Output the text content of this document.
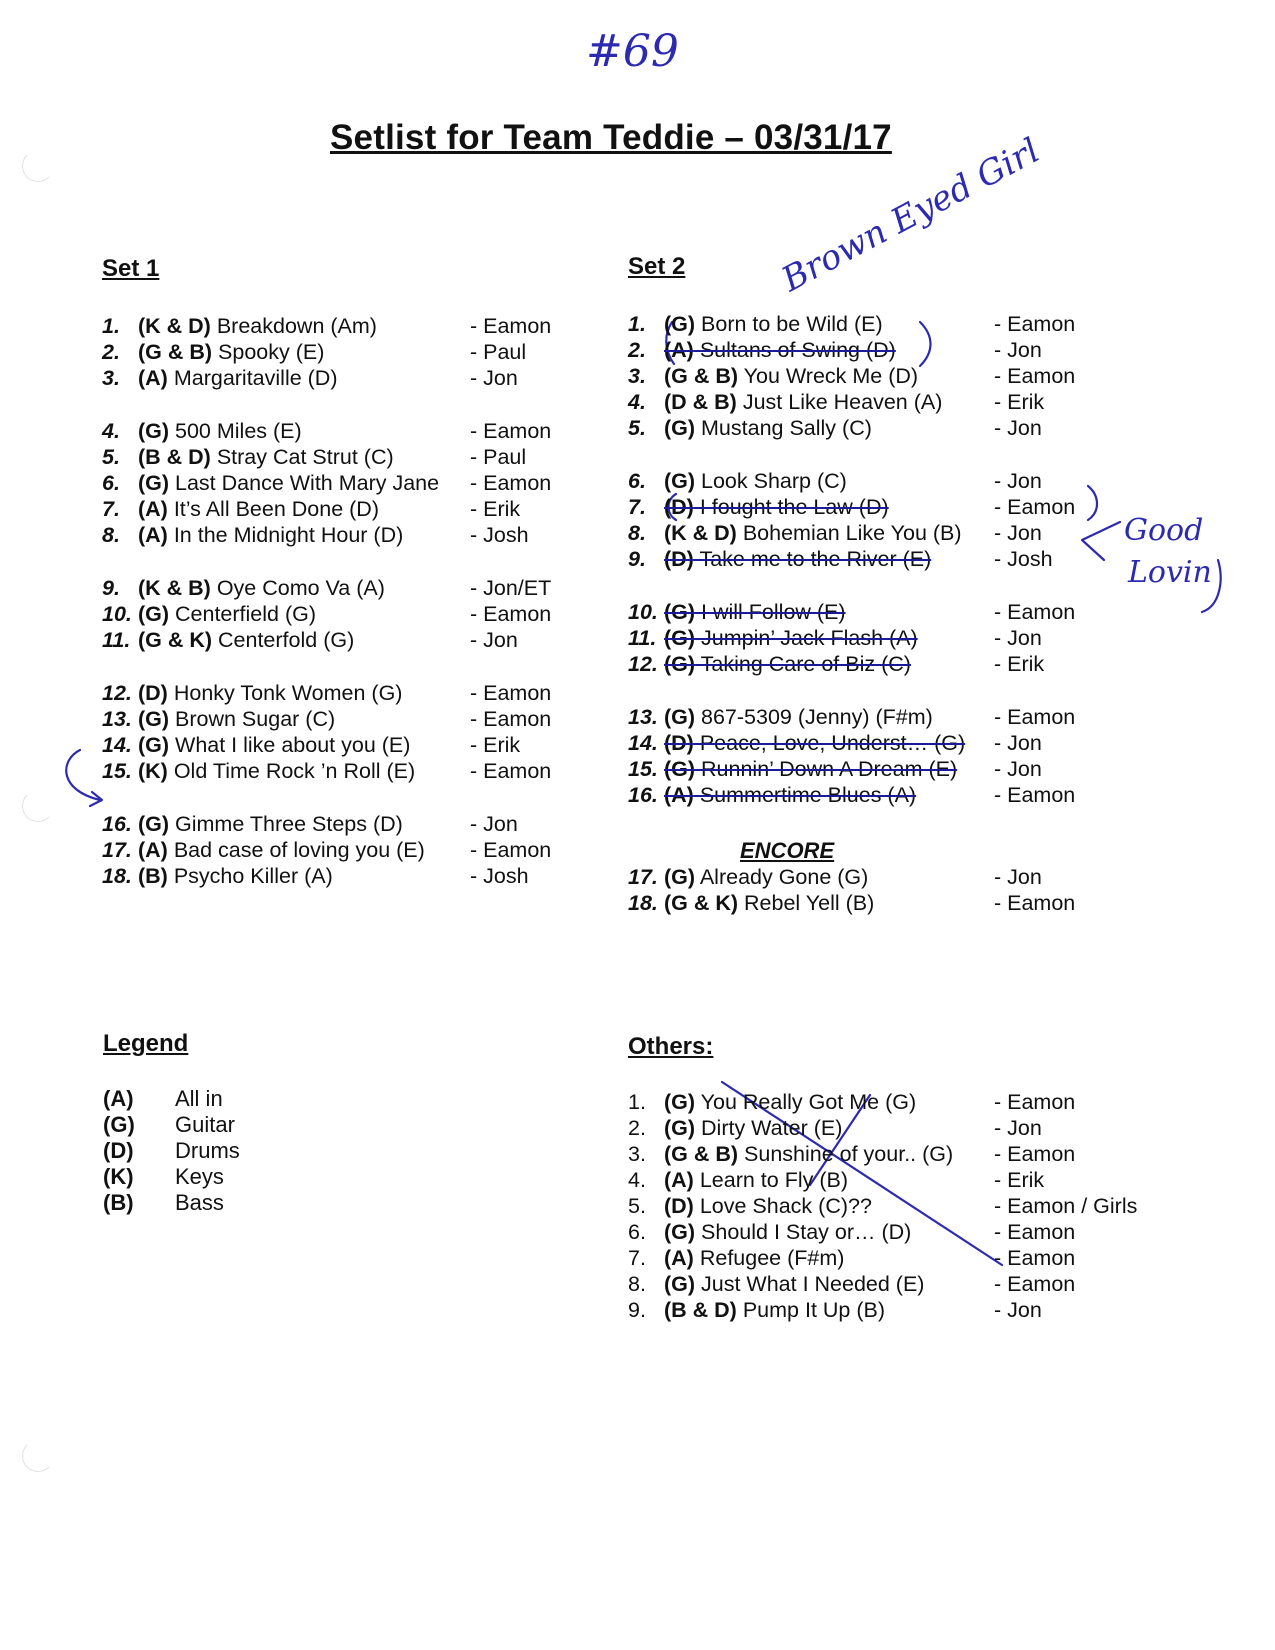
#69
Brown Eyed Girl
Good
Lovin
Setlist for Team Teddie – 03/31/17
Set 1
1. (K & D) Breakdown (Am)	- Eamon
2. (G & B) Spooky (E)	- Paul
3. (A) Margaritaville (D)	- Jon
4. (G) 500 Miles (E)	- Eamon
5. (B & D) Stray Cat Strut (C)	- Paul
6. (G) Last Dance With Mary Jane - Eamon
7. (A) It’s All Been Done (D)	- Erik
8. (A) In the Midnight Hour (D)	- Josh
9. (K & B) Oye Como Va (A)	- Jon/ET
10. (G) Centerfield (G)	- Eamon
11. (G & K) Centerfold (G)	- Jon
12. (D) Honky Tonk Women (G)	- Eamon
13. (G) Brown Sugar (C)	- Eamon
14. (G) What I like about you (E)	- Erik
15. (K) Old Time Rock ’n Roll (E)	- Eamon
16. (G) Gimme Three Steps (D)	- Jon
17. (A) Bad case of loving you (E) - Eamon
18. (B) Psycho Killer (A)	- Josh
Set 2
1. (G) Born to be Wild (E)	- Eamon
2. (A) Sultans of Swing (D)	- Jon
3. (G & B) You Wreck Me (D)	- Eamon
4. (D & B) Just Like Heaven (A) - Erik
5. (G) Mustang Sally (C)	- Jon
6. (G) Look Sharp (C)	- Jon
7. (D) I fought the Law (D)	- Eamon
8. (K & D) Bohemian Like You (B) - Jon
9. (D) Take me to the River (E)	- Josh
10. (G) I will Follow (E)	- Eamon
11. (G) Jumpin’ Jack Flash (A)	- Jon
12. (G) Taking Care of Biz (C)	- Erik
13. (G) 867-5309 (Jenny) (F#m)	- Eamon
14. (D) Peace, Love, Underst… (G) - Jon
15. (G) Runnin’ Down A Dream (E) - Jon
16. (A) Summertime Blues (A)	- Eamon
ENCORE
17. (G) Already Gone (G)	- Jon
18. (G & K) Rebel Yell (B)	- Eamon
Legend
(A) All in
(G) Guitar
(D) Drums
(K) Keys
(B) Bass
Others:
1. (G) You Really Got Me (G)	- Eamon
2. (G) Dirty Water (E)	- Jon
3. (G & B) Sunshine of your.. (G) - Eamon
4. (A) Learn to Fly (B)	- Erik
5. (D) Love Shack (C)??	- Eamon / Girls
6. (G) Should I Stay or… (D)	- Eamon
7. (A) Refugee (F#m)	- Eamon
8. (G) Just What I Needed (E)	- Eamon
9. (B & D) Pump It Up (B)	- Jon
